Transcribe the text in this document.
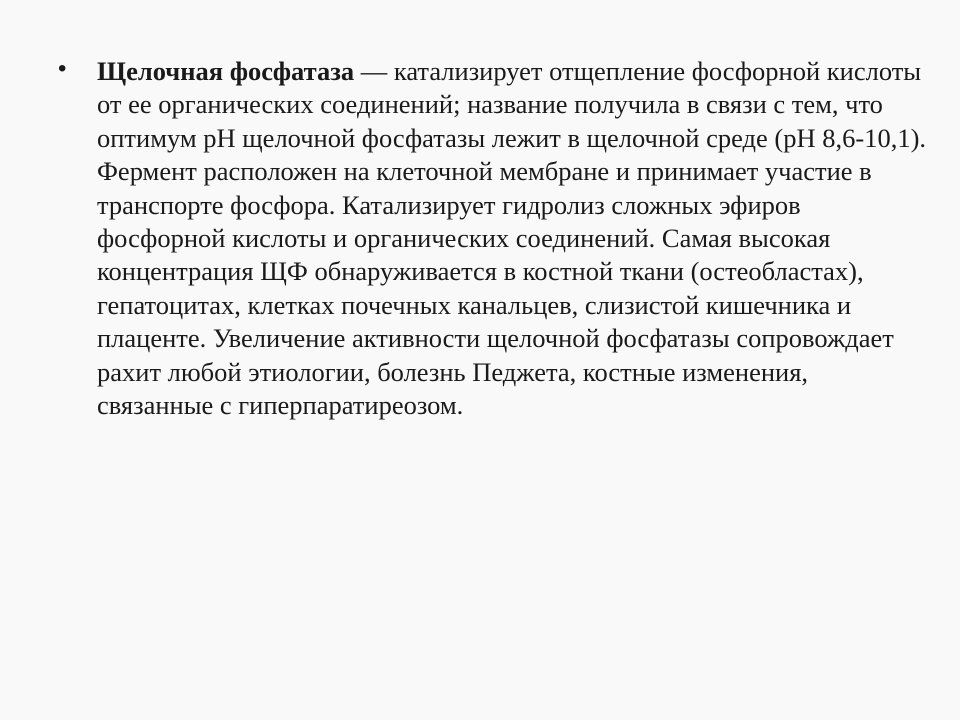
• Щелочная фосфатаза — катализирует отщепление фосфорной кислоты от ее органических соединений; название получила в связи с тем, что оптимум pH щелочной фосфатазы лежит в щелочной среде (pH 8,6-10,1). Фермент расположен на клеточной мембране и принимает участие в транспорте фосфора. Катализирует гидролиз сложных эфиров фосфорной кислоты и органических соединений. Самая высокая концентрация ЩФ обнаруживается в костной ткани (остеобластах), гепатоцитах, клетках почечных канальцев, слизистой кишечника и плаценте. Увеличение активности щелочной фосфатазы сопровождает рахит любой этиологии, болезнь Педжета, костные изменения, связанные с гиперпаратиреозом.
